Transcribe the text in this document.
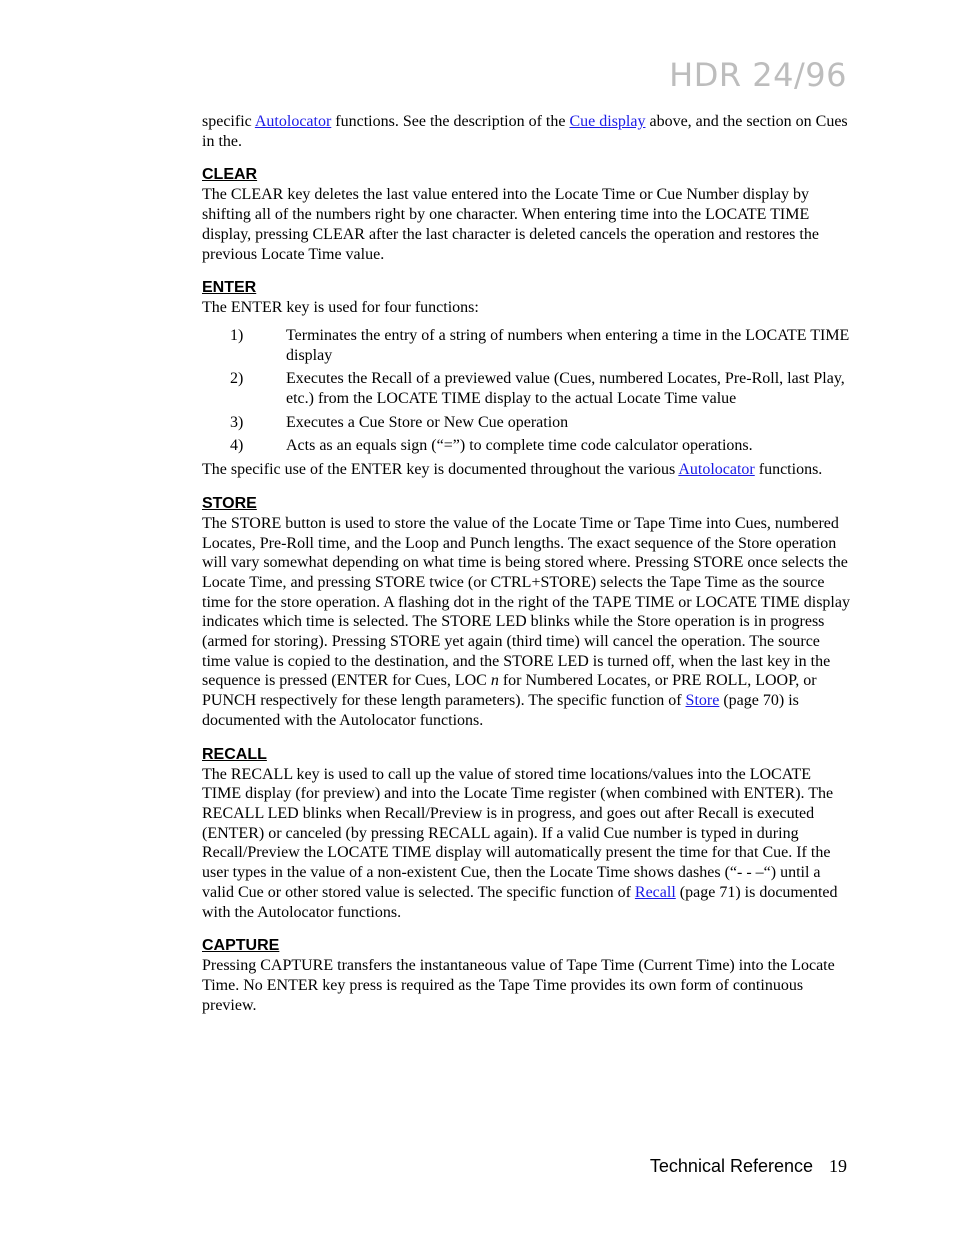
HDR 24/96

specific Autolocator functions. See the description of the Cue display above, and the section on Cues in the.

CLEAR

The CLEAR key deletes the last value entered into the Locate Time or Cue Number display by shifting all of the numbers right by one character. When entering time into the LOCATE TIME display, pressing CLEAR after the last character is deleted cancels the operation and restores the previous Locate Time value.

ENTER

The ENTER key is used for four functions:

1)	Terminates the entry of a string of numbers when entering a time in the LOCATE TIME display
2)	Executes the Recall of a previewed value (Cues, numbered Locates, Pre-Roll, last Play, etc.) from the LOCATE TIME display to the actual Locate Time value
3)	Executes a Cue Store or New Cue operation
4)	Acts as an equals sign (“=”) to complete time code calculator operations.

The specific use of the ENTER key is documented throughout the various Autolocator functions.

STORE

The STORE button is used to store the value of the Locate Time or Tape Time into Cues, numbered Locates, Pre-Roll time, and the Loop and Punch lengths. The exact sequence of the Store operation will vary somewhat depending on what time is being stored where. Pressing STORE once selects the Locate Time, and pressing STORE twice (or CTRL+STORE) selects the Tape Time as the source time for the store operation. A flashing dot in the right of the TAPE TIME or LOCATE TIME display indicates which time is selected. The STORE LED blinks while the Store operation is in progress (armed for storing). Pressing STORE yet again (third time) will cancel the operation. The source time value is copied to the destination, and the STORE LED is turned off, when the last key in the sequence is pressed (ENTER for Cues, LOC n for Numbered Locates, or PRE ROLL, LOOP, or PUNCH respectively for these length parameters). The specific function of Store (page 70) is documented with the Autolocator functions.

RECALL

The RECALL key is used to call up the value of stored time locations/values into the LOCATE TIME display (for preview) and into the Locate Time register (when combined with ENTER). The RECALL LED blinks when Recall/Preview is in progress, and goes out after Recall is executed (ENTER) or canceled (by pressing RECALL again). If a valid Cue number is typed in during Recall/Preview the LOCATE TIME display will automatically present the time for that Cue. If the user types in the value of a non-existent Cue, then the Locate Time shows dashes (“- - –“) until a valid Cue or other stored value is selected. The specific function of Recall (page 71) is documented with the Autolocator functions.

CAPTURE

Pressing CAPTURE transfers the instantaneous value of Tape Time (Current Time) into the Locate Time. No ENTER key press is required as the Tape Time provides its own form of continuous preview.

Technical Reference 19
